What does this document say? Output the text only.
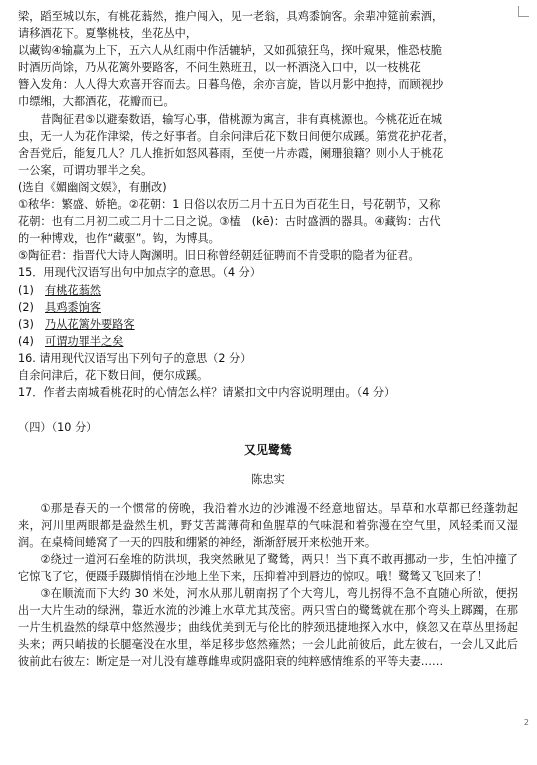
梁，蹈至城以东，有桃花蓊然，推户闯入，见一老翁，具鸡黍饷客。余辈冲筵前索酒，

请移酒花下。夏擎桃枝，坐花丛中，

以藏钩④输赢为上下，五六人从红雨中作活辘轳，又如孤猿狂鸟，探叶窥果，惟恐枝脆

时酒历尚馀，乃从花篱外要路客，不问生熟班丑，以一杯酒浇入口中，以一枝桃花

簪入发角：人人得大欢喜开容而去。日暮鸟倦，余亦言旋，皆以月影中抱持，而顾视抄

巾缥缃，大都酒花，花瓣而已。

昔陶征君⑤以避秦数语，输写心事，借桃源为寓言，非有真桃源也。今桃花近在城

虫，无一人为花作津梁，传之好事者。自余问津后花下数日间便尔成蹊。第赏花护花者，

舍吾党后，能复几人？几人推折如怒风暮雨，至使一片赤霞，阑珊狼籍？则小人于桃花

一公案，可谓功罪半之矣。

(选自《媚幽阁文娱》，有删改)

①秾华：繁盛、娇艳。②花朝：1 日俗以农历二月十五日为百花生日，号花朝节，又称

花朝：也有二月初二或二月十二日之说。③榼　(kē)：古时盛酒的器具。④藏钩：古代

的一种博戏，也作“藏驱”。钩，为博具。

⑤陶征君：指晋代大诗人陶渊明。旧日称曾经朝廷征聘而不肯受职的隐者为征君。

15．用现代汉语写出句中加点字的意思。（4 分）

(1)  有桃花蓊然

(2)  具鸡黍饷客

(3)  乃从花篱外要路客

(4)  可谓功罪半之矣

16. 请用现代汉语写出下列句子的意思（2 分）

自余问津后，花下数日间，便尔成蹊。

17．作者去南城看桃花时的心情怎么样？请紧扣文中内容说明理由。（4 分）

（四）（10 分）

又见鹭鸶

陈忠实

①那是春天的一个惯常的傍晚，我沿着水边的沙滩漫不经意地留达。旱草和水草都已经蓬勃起来，河川里两眼都是盎然生机，野艾苦蒿薄荷和鱼腥草的气味混和着弥漫在空气里，风轻柔而又湿润。在桌椅间蜷窝了一天的四肢和绷紧的神经，渐渐舒展开来松弛开来。

②绕过一道河石垒堆的防洪坝，我突然瞅见了鹭鸶，两只！当下真不敢再挪动一步，生怕冲撞了它惊飞了它，便蹑手蹑脚悄悄在沙地上坐下来，压抑着冲到唇边的惊叹。哦！鹭鸶又飞回来了！

③在顺流而下大约 30 米处，河水从那儿朝南拐了个大弯儿，弯儿拐得不急不直随心所欲，便拐出一大片生动的绿洲，靠近水流的沙滩上水草尤其茂密。两只雪白的鹭鸶就在那个弯头上踯躅，在那一片生机盎然的绿草中悠然漫步；曲线优美到无与伦比的脖颈迅捷地探入水中，倏忽又在草丛里扬起头来；两只峭拔的长腿毫没在水里，举足移步悠然雍然；一会儿此前彼后，此左彼右，一会儿又此后彼前此右彼左：断定是一对儿没有雄尊雌卑或阴盛阳衰的纯粹感情维系的平等夫妻……

2
